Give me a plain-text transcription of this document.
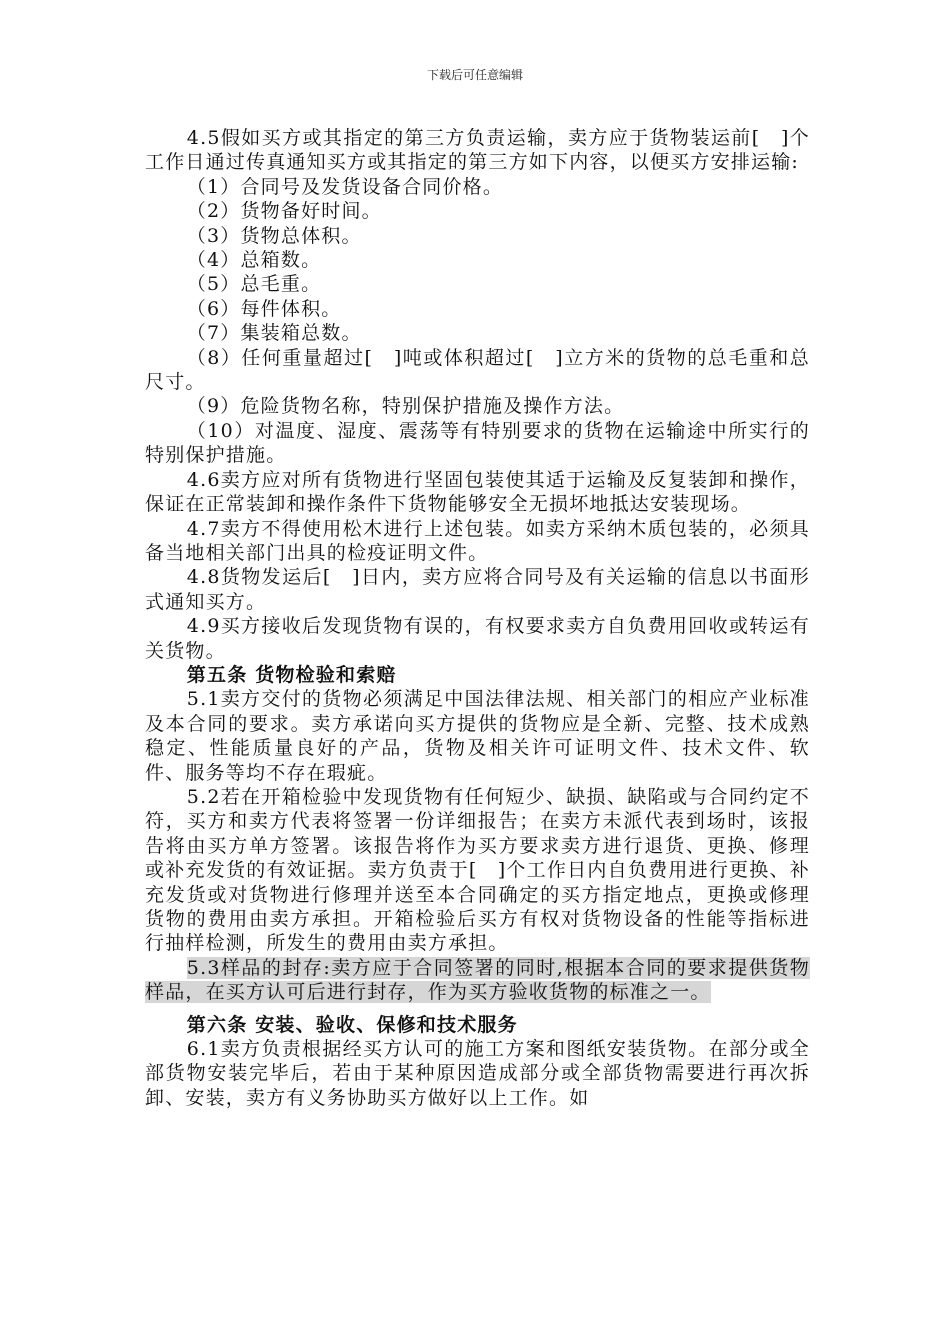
下载后可任意编辑

4.5假如买方或其指定的第三方负责运输，卖方应于货物装运前[　]个工作日通过传真通知买方或其指定的第三方如下内容，以便买方安排运输:

（1）合同号及发货设备合同价格。

（2）货物备好时间。

（3）货物总体积。

（4）总箱数。

（5）总毛重。

（6）每件体积。

（7）集装箱总数。

（8）任何重量超过[　]吨或体积超过[　]立方米的货物的总毛重和总尺寸。

（9）危险货物名称，特别保护措施及操作方法。

（10）对温度、湿度、震荡等有特别要求的货物在运输途中所实行的特别保护措施。

4.6卖方应对所有货物进行坚固包装使其适于运输及反复装卸和操作，保证在正常装卸和操作条件下货物能够安全无损坏地抵达安装现场。

4.7卖方不得使用松木进行上述包装。如卖方采纳木质包装的，必须具备当地相关部门出具的检疫证明文件。

4.8货物发运后[　]日内，卖方应将合同号及有关运输的信息以书面形式通知买方。

4.9买方接收后发现货物有误的，有权要求卖方自负费用回收或转运有关货物。

第五条 货物检验和索赔

5.1卖方交付的货物必须满足中国法律法规、相关部门的相应产业标准及本合同的要求。卖方承诺向买方提供的货物应是全新、完整、技术成熟稳定、性能质量良好的产品，货物及相关许可证明文件、技术文件、软件、服务等均不存在瑕疵。

5.2若在开箱检验中发现货物有任何短少、缺损、缺陷或与合同约定不符，买方和卖方代表将签署一份详细报告；在卖方未派代表到场时，该报告将由买方单方签署。该报告将作为买方要求卖方进行退货、更换、修理或补充发货的有效证据。卖方负责于[　]个工作日内自负费用进行更换、补充发货或对货物进行修理并送至本合同确定的买方指定地点，更换或修理货物的费用由卖方承担。开箱检验后买方有权对货物设备的性能等指标进行抽样检测，所发生的费用由卖方承担。

5.3样品的封存:卖方应于合同签署的同时,根据本合同的要求提供货物样品，在买方认可后进行封存，作为买方验收货物的标准之一。

第六条 安装、验收、保修和技术服务

6.1卖方负责根据经买方认可的施工方案和图纸安装货物。在部分或全部货物安装完毕后，若由于某种原因造成部分或全部货物需要进行再次拆卸、安装，卖方有义务协助买方做好以上工作。如
